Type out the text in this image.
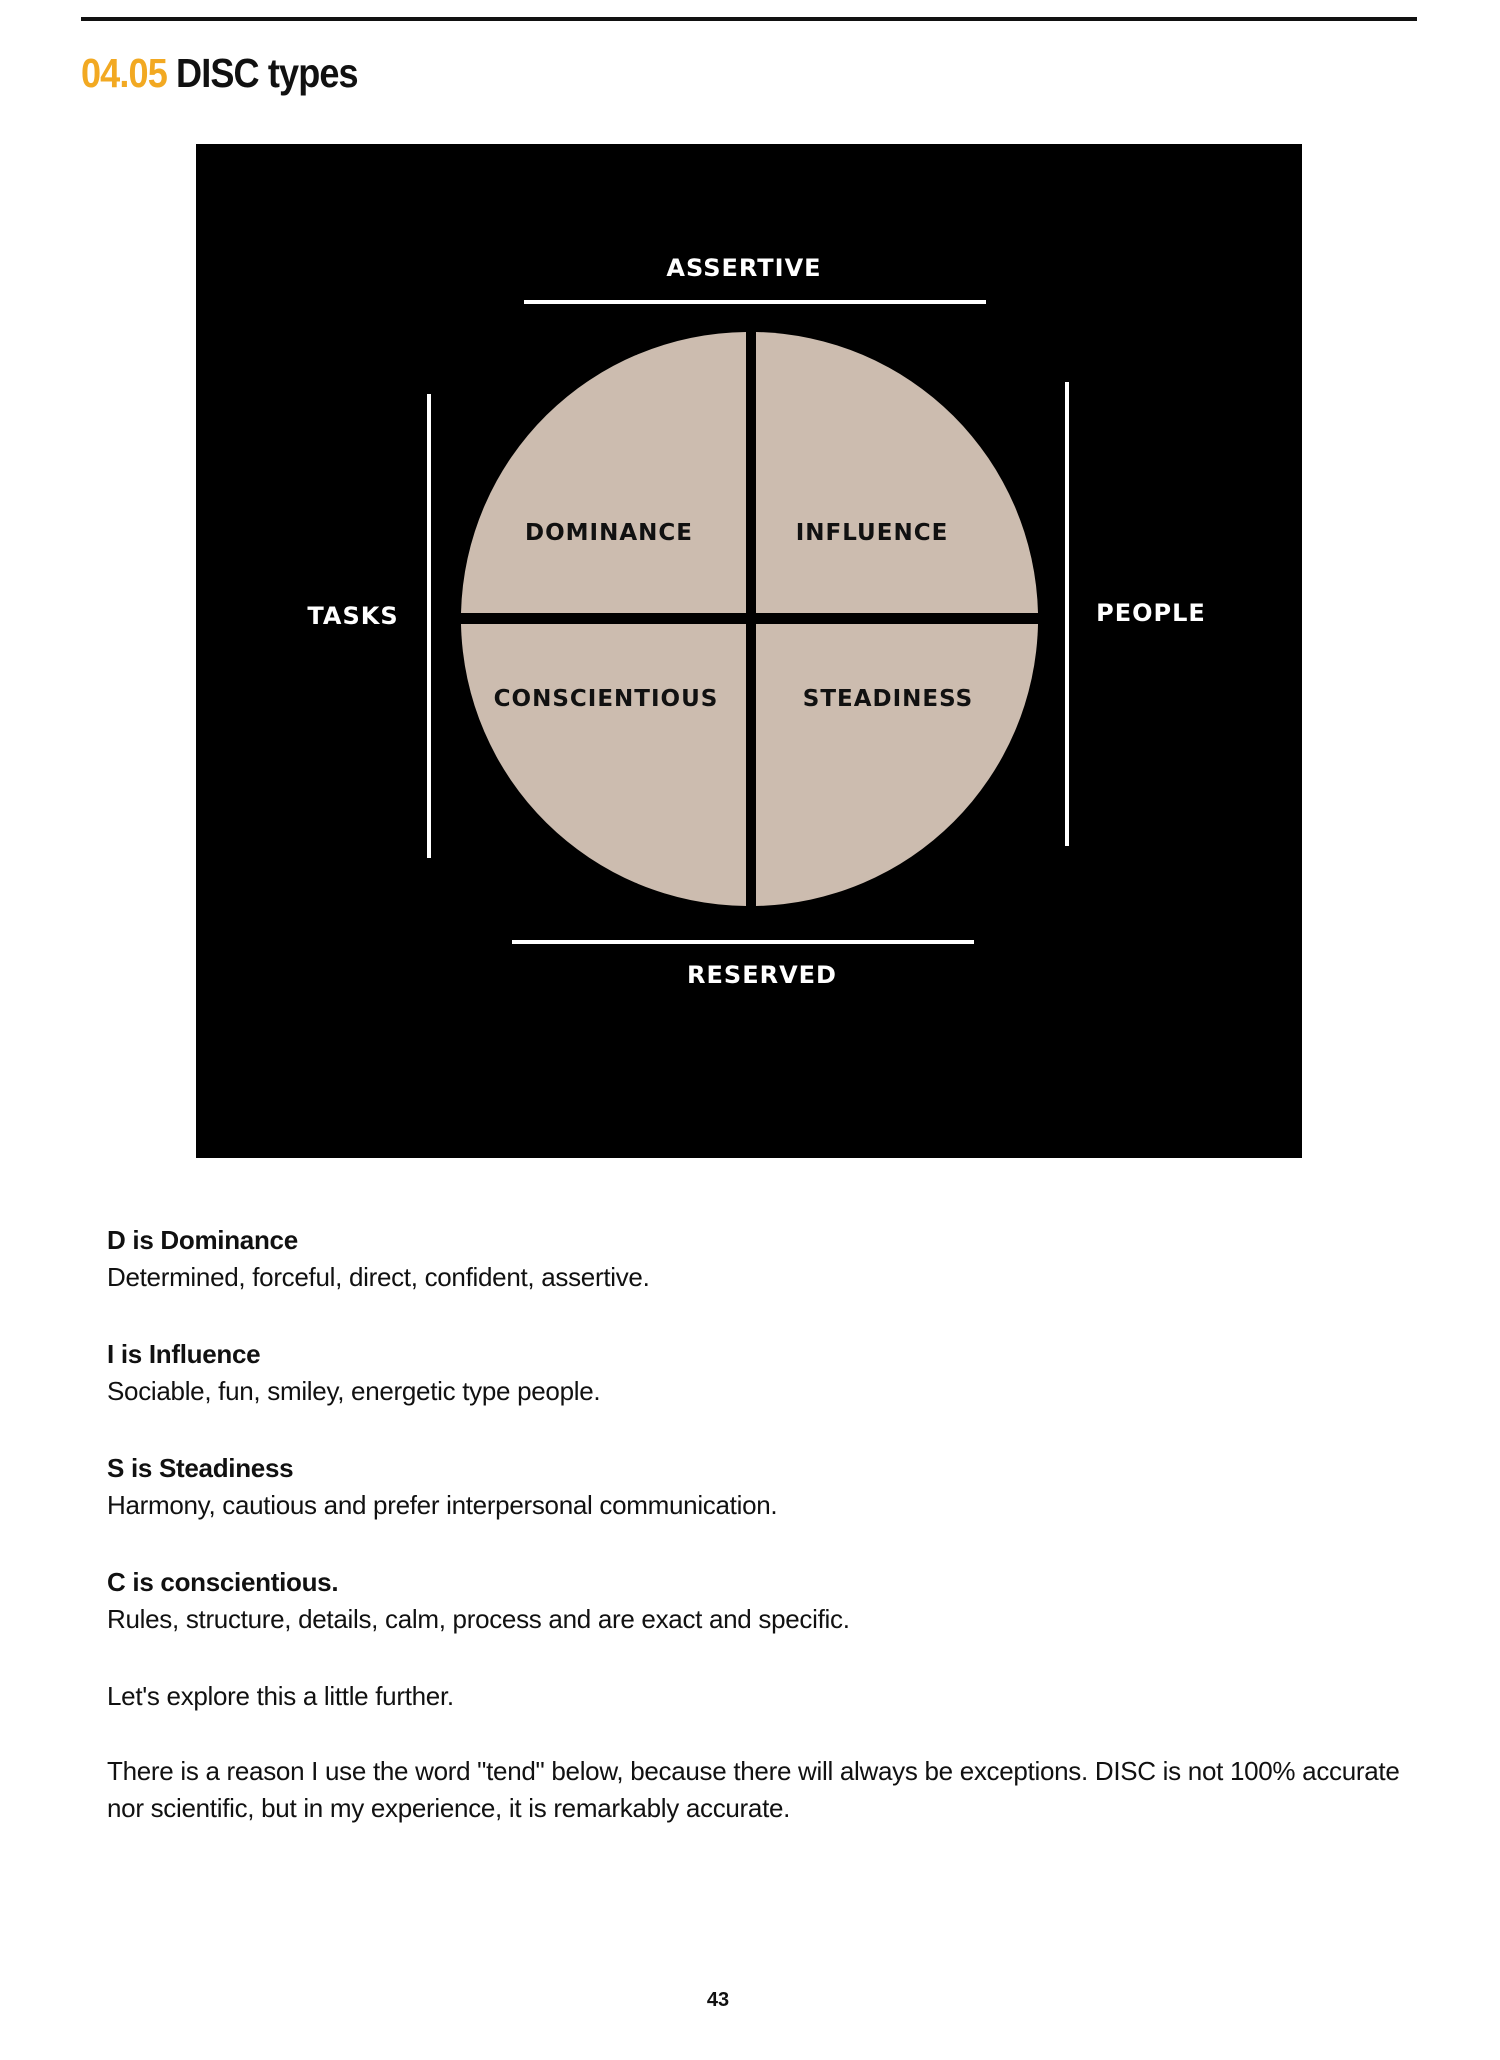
04.05 DISC types
ASSERTIVE
RESERVED
TASKS	PEOPLE
DOMINANCE	INFLUENCE
CONSCIENTIOUS	STEADINESS
D is Dominance
Determined, forceful, direct, confident, assertive.
I is Influence
Sociable, fun, smiley, energetic type people.
S is Steadiness
Harmony, cautious and prefer interpersonal communication.
C is conscientious.
Rules, structure, details, calm, process and are exact and specific.

Let's explore this a little further.

There is a reason I use the word "tend" below, because there will always be exceptions. DISC is not 100% accurate nor scientific, but in my experience, it is remarkably accurate.

43
